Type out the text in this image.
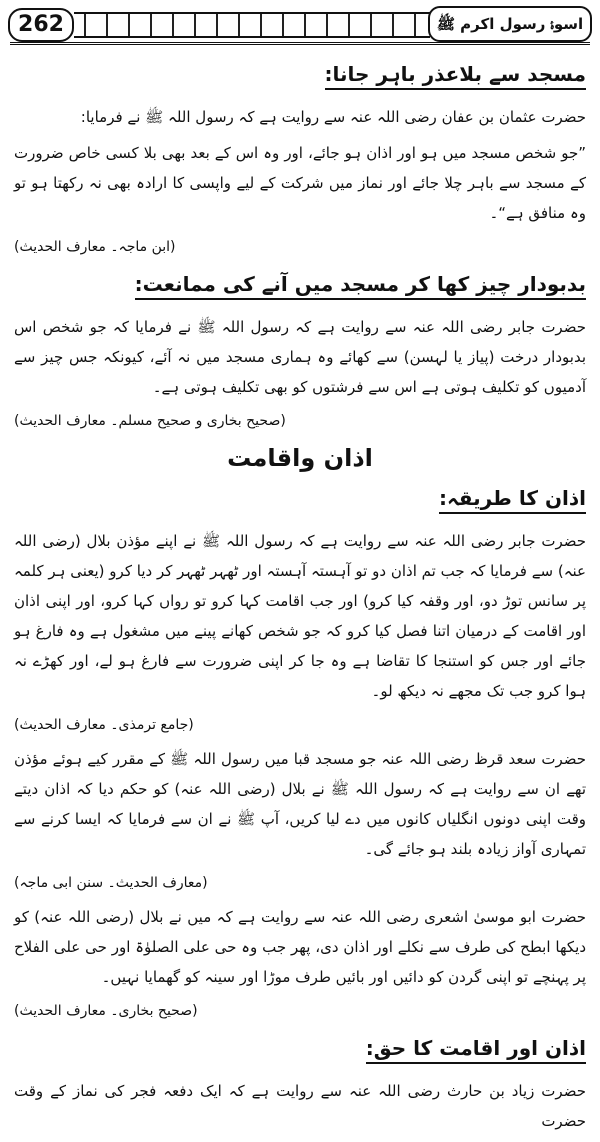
262	اسوۂ رسول اکرم ﷺ
مسجد سے بلاعذر باہر جانا:

حضرت عثمان بن عفان رضی اللہ عنہ سے روایت ہے کہ رسول اللہ ﷺ نے فرمایا:

”جو شخص مسجد میں ہو اور اذان ہو جائے، اور وہ اس کے بعد بھی بلا کسی خاص ضرورت کے مسجد سے باہر چلا جائے اور نماز میں شرکت کے لیے واپسی کا ارادہ بھی نہ رکھتا ہو تو وہ منافق ہے“۔

(ابن ماجہ۔ معارف الحدیث)
بدبودار چیز کھا کر مسجد میں آنے کی ممانعت:

حضرت جابر رضی اللہ عنہ سے روایت ہے کہ رسول اللہ ﷺ نے فرمایا کہ جو شخص اس بدبودار درخت (پیاز یا لہسن) سے کھائے وہ ہماری مسجد میں نہ آئے، کیونکہ جس چیز سے آدمیوں کو تکلیف ہوتی ہے اس سے فرشتوں کو بھی تکلیف ہوتی ہے۔

(صحیح بخاری و صحیح مسلم۔ معارف الحدیث)
اذان واقامت
اذان کا طریقہ:

حضرت جابر رضی اللہ عنہ سے روایت ہے کہ رسول اللہ ﷺ نے اپنے مؤذن بلال (رضی اللہ عنہ) سے فرمایا کہ جب تم اذان دو تو آہستہ آہستہ اور ٹھہر ٹھہر کر دیا کرو (یعنی ہر کلمہ پر سانس توڑ دو، اور وقفہ کیا کرو) اور جب اقامت کہا کرو تو رواں کہا کرو، اور اپنی اذان اور اقامت کے درمیان اتنا فصل کیا کرو کہ جو شخص کھانے پینے میں مشغول ہے وہ فارغ ہو جائے اور جس کو استنجا کا تقاضا ہے وہ جا کر اپنی ضرورت سے فارغ ہو لے، اور کھڑے نہ ہوا کرو جب تک مجھے نہ دیکھ لو۔

(جامع ترمذی۔ معارف الحدیث)

حضرت سعد قرظ رضی اللہ عنہ جو مسجد قبا میں رسول اللہ ﷺ کے مقرر کیے ہوئے مؤذن تھے ان سے روایت ہے کہ رسول اللہ ﷺ نے بلال (رضی اللہ عنہ) کو حکم دیا کہ اذان دیتے وقت اپنی دونوں انگلیاں کانوں میں دے لیا کریں، آپ ﷺ نے ان سے فرمایا کہ ایسا کرنے سے تمہاری آواز زیادہ بلند ہو جائے گی۔

(معارف الحدیث۔ سنن ابی ماجہ)

حضرت ابو موسیٰ اشعری رضی اللہ عنہ سے روایت ہے کہ میں نے بلال (رضی اللہ عنہ) کو دیکھا ابطح کی طرف سے نکلے اور اذان دی، پھر جب وہ حی علی الصلوٰۃ اور حی علی الفلاح پر پہنچے تو اپنی گردن کو دائیں اور بائیں طرف موڑا اور سینہ کو گھمایا نہیں۔

(صحیح بخاری۔ معارف الحدیث)
اذان اور اقامت کا حق:

حضرت زیاد بن حارث رضی اللہ عنہ سے روایت ہے کہ ایک دفعہ فجر کی نماز کے وقت حضرت
